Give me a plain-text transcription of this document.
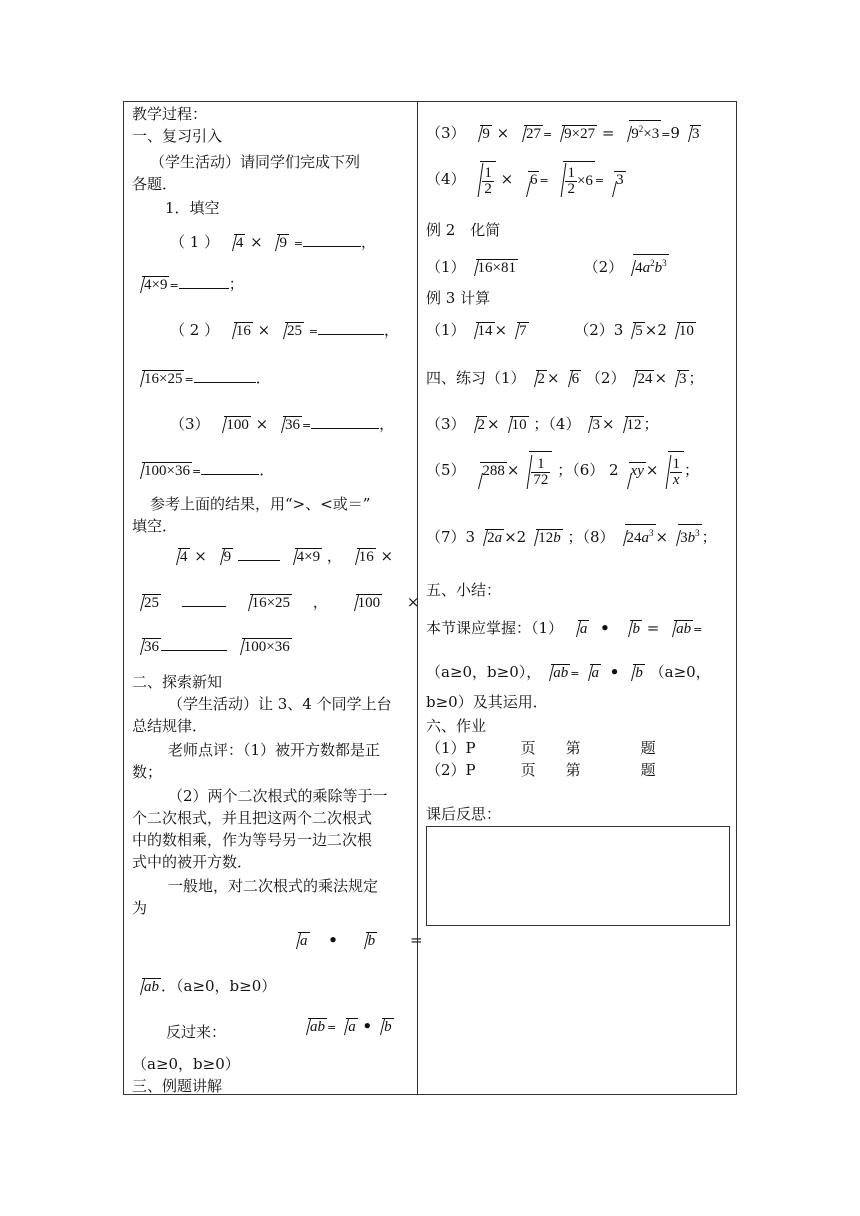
教学过程：
一、复习引入
（学生活动）请同学们完成下列
各题．
1．填空
（ 1 ） 4 × 9 =	，
4×9 =	；
（ 2 ） 16 × 25 =	，
16×25 =	．
（3） 100 × 36 =	，
100×36 =	．
参考上面的结果，用“>、<或＝”
填空．
4 × 9	4×9 ， 16 ×
25	16×25 ， 100 ×
36	100×36
二、探索新知
（学生活动）让 3、4 个同学上台
总结规律．
老师点评：（1）被开方数都是正
数；
（2）两个二次根式的乘除等于一
个二次根式，并且把这两个二次根式
中的数相乘，作为等号另一边二次根
式中的被开方数．
一般地，对二次根式的乘法规定
为
a • b =
ab ．（a≥0，b≥0）
反过来：	ab = a • b
（a≥0，b≥0）
三、例题讲解
（3） $9 \times 27 = 9\times 27 = 9^2\times 3 =9$ 3
$(4) \frac{1}{2} \times 6 = \frac{1}{2} \times 6 = 3$
例 2　化简
（1） 16×81	（2） $4a^2b^3$
例 3 计算
（1） 14 × 7	（2）3 5 ×2 10
四、练习（1） 2 × 6 （2） 24 × 3 ；
（3） 2 × 10 ；（4） 3 × 12 ；
（5） $288 \times \frac{1}{72}$ ；（6） 2 xy × $\frac{1}{x}$ ；
（7）3 2a ×2 12b ；（8） $24a^3 \times 3b^3$ ；
五、小结：
本节课应掌握：（1） a • b = ab =
（a≥0，b≥0）， ab = a • b （a≥0，
b≥0）及其运用．
六、作业
（1）P　　　页　　第　　　　题
（2）P　　　页　　第　　　　题
课后反思：
